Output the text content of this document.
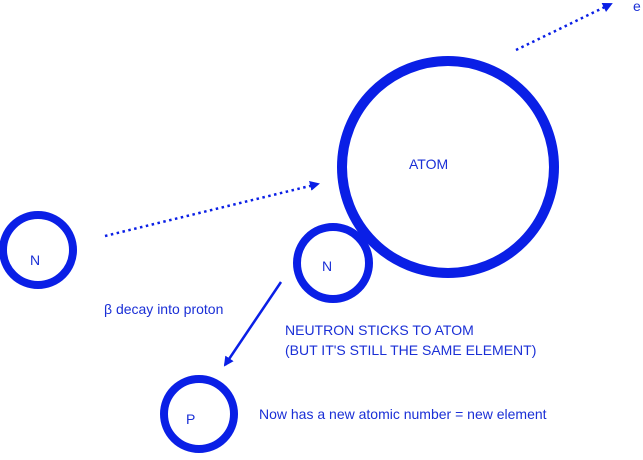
N
ATOM
e
N
β decay into proton
NEUTRON STICKS TO ATOM
(BUT IT'S STILL THE SAME ELEMENT)
P	Now has a new atomic number = new element
